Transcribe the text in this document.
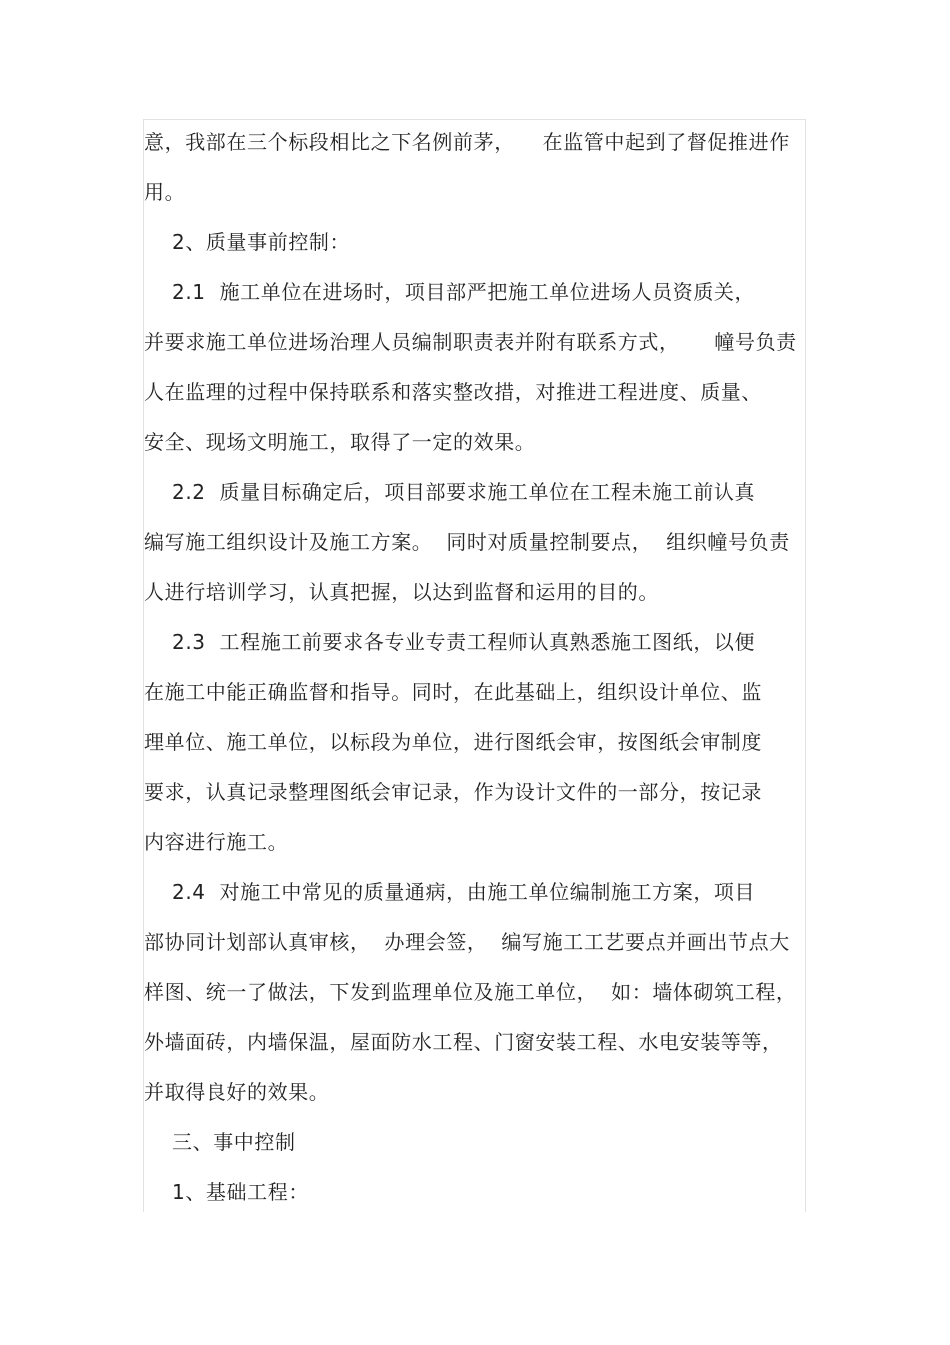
意，我部在三个标段相比之下名例前茅，    在监管中起到了督促推进作
用。
2、质量事前控制：
2.1  施工单位在进场时，项目部严把施工单位进场人员资质关，
并要求施工单位进场治理人员编制职责表并附有联系方式，     幢号负责
人在监理的过程中保持联系和落实整改措，对推进工程进度、质量、
安全、现场文明施工，取得了一定的效果。
2.2  质量目标确定后，项目部要求施工单位在工程未施工前认真
编写施工组织设计及施工方案。  同时对质量控制要点，  组织幢号负责
人进行培训学习，认真把握，以达到监督和运用的目的。
2.3  工程施工前要求各专业专责工程师认真熟悉施工图纸，以便
在施工中能正确监督和指导。同时，在此基础上，组织设计单位、监
理单位、施工单位，以标段为单位，进行图纸会审，按图纸会审制度
要求，认真记录整理图纸会审记录，作为设计文件的一部分，按记录
内容进行施工。
2.4  对施工中常见的质量通病，由施工单位编制施工方案，项目
部协同计划部认真审核，  办理会签，  编写施工工艺要点并画出节点大
样图、统一了做法，下发到监理单位及施工单位，  如：墙体砌筑工程，
外墙面砖，内墙保温，屋面防水工程、门窗安装工程、水电安装等等，
并取得良好的效果。
三、事中控制
1、基础工程：
